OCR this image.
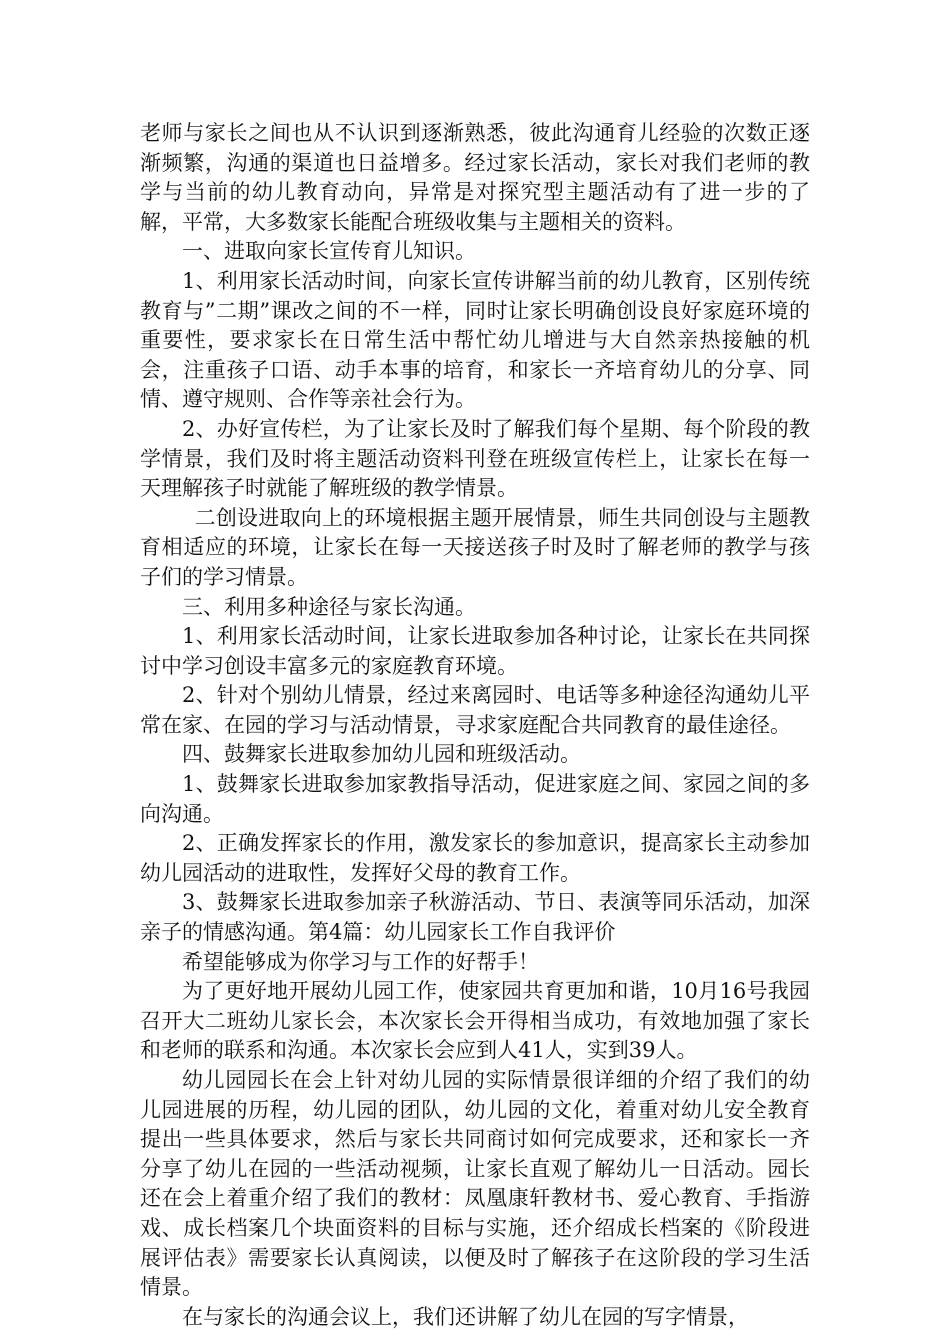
老师与家长之间也从不认识到逐渐熟悉，彼此沟通育儿经验的次数正逐渐频繁，沟通的渠道也日益增多。经过家长活动，家长对我们老师的教学与当前的幼儿教育动向，异常是对探究型主题活动有了进一步的了解，平常，大多数家长能配合班级收集与主题相关的资料。

一、进取向家长宣传育儿知识。

1、利用家长活动时间，向家长宣传讲解当前的幼儿教育，区别传统教育与”二期”课改之间的不一样，同时让家长明确创设良好家庭环境的重要性，要求家长在日常生活中帮忙幼儿增进与大自然亲热接触的机会，注重孩子口语、动手本事的培育，和家长一齐培育幼儿的分享、同情、遵守规则、合作等亲社会行为。

2、办好宣传栏，为了让家长及时了解我们每个星期、每个阶段的教学情景，我们及时将主题活动资料刊登在班级宣传栏上，让家长在每一天理解孩子时就能了解班级的教学情景。

二创设进取向上的环境根据主题开展情景，师生共同创设与主题教育相适应的环境，让家长在每一天接送孩子时及时了解老师的教学与孩子们的学习情景。

三、利用多种途径与家长沟通。

1、利用家长活动时间，让家长进取参加各种讨论，让家长在共同探讨中学习创设丰富多元的家庭教育环境。

2、针对个别幼儿情景，经过来离园时、电话等多种途径沟通幼儿平常在家、在园的学习与活动情景，寻求家庭配合共同教育的最佳途径。

四、鼓舞家长进取参加幼儿园和班级活动。

1、鼓舞家长进取参加家教指导活动，促进家庭之间、家园之间的多向沟通。

2、正确发挥家长的作用，激发家长的参加意识，提高家长主动参加幼儿园活动的进取性，发挥好父母的教育工作。

3、鼓舞家长进取参加亲子秋游活动、节日、表演等同乐活动，加深亲子的情感沟通。第4篇：幼儿园家长工作自我评价

希望能够成为你学习与工作的好帮手！

为了更好地开展幼儿园工作，使家园共育更加和谐，10月16号我园召开大二班幼儿家长会，本次家长会开得相当成功，有效地加强了家长和老师的联系和沟通。本次家长会应到人41人，实到39人。

幼儿园园长在会上针对幼儿园的实际情景很详细的介绍了我们的幼儿园进展的历程，幼儿园的团队，幼儿园的文化，着重对幼儿安全教育提出一些具体要求，然后与家长共同商讨如何完成要求，还和家长一齐分享了幼儿在园的一些活动视频，让家长直观了解幼儿一日活动。园长还在会上着重介绍了我们的教材：凤凰康轩教材书、爱心教育、手指游戏、成长档案几个块面资料的目标与实施，还介绍成长档案的《阶段进展评估表》需要家长认真阅读，以便及时了解孩子在这阶段的学习生活情景。

在与家长的沟通会议上，我们还讲解了幼儿在园的写字情景，
